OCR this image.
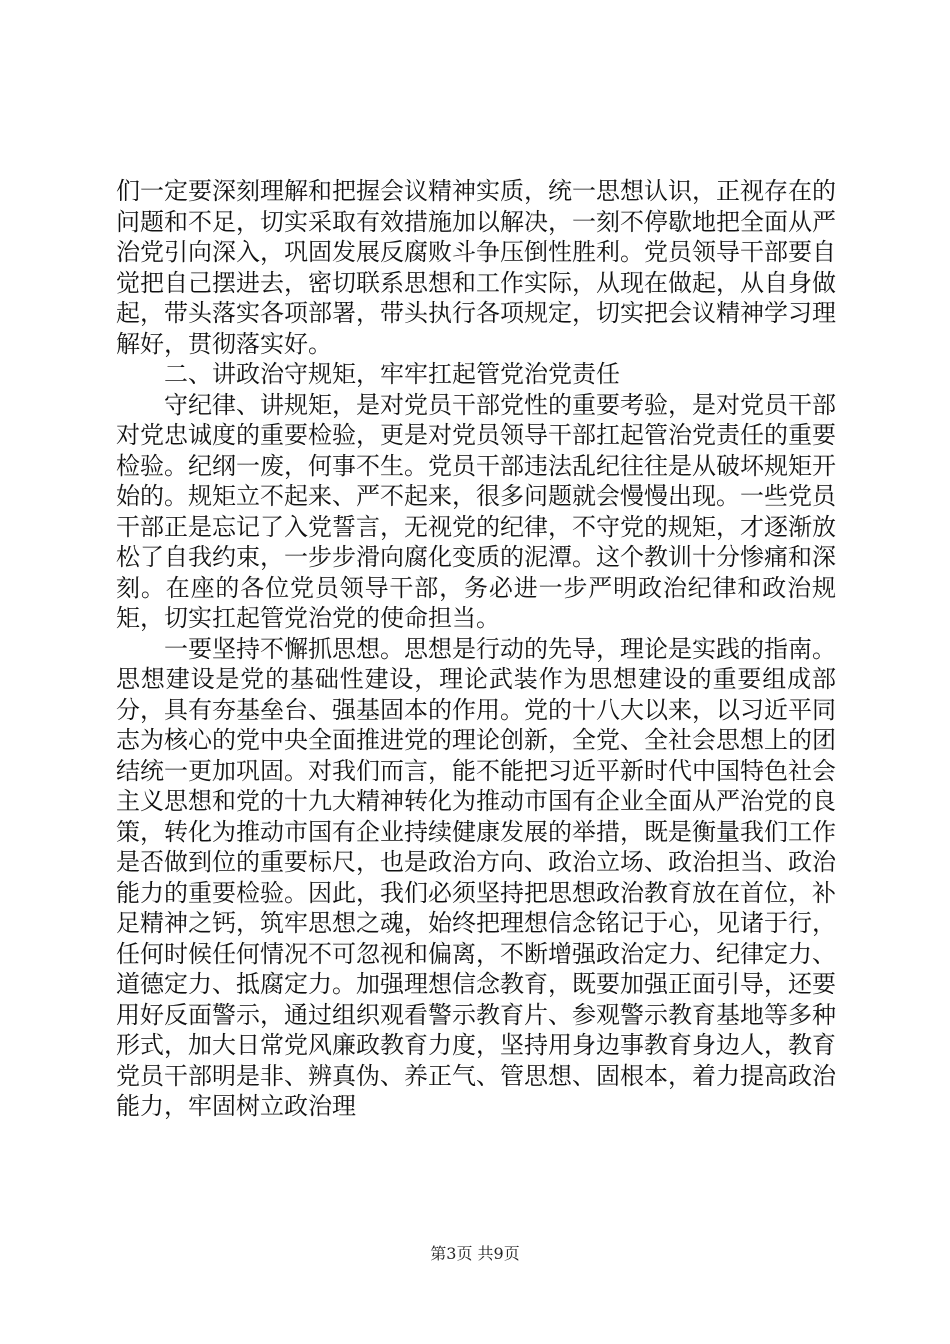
们一定要深刻理解和把握会议精神实质，统一思想认识，正视存在的问题和不足，切实采取有效措施加以解决，一刻不停歇地把全面从严治党引向深入，巩固发展反腐败斗争压倒性胜利。党员领导干部要自觉把自己摆进去，密切联系思想和工作实际，从现在做起，从自身做起，带头落实各项部署，带头执行各项规定，切实把会议精神学习理解好，贯彻落实好。

二、讲政治守规矩，牢牢扛起管党治党责任

守纪律、讲规矩，是对党员干部党性的重要考验，是对党员干部对党忠诚度的重要检验，更是对党员领导干部扛起管治党责任的重要检验。纪纲一废，何事不生。党员干部违法乱纪往往是从破坏规矩开始的。规矩立不起来、严不起来，很多问题就会慢慢出现。一些党员干部正是忘记了入党誓言，无视党的纪律，不守党的规矩，才逐渐放松了自我约束，一步步滑向腐化变质的泥潭。这个教训十分惨痛和深刻。在座的各位党员领导干部，务必进一步严明政治纪律和政治规矩，切实扛起管党治党的使命担当。

一要坚持不懈抓思想。思想是行动的先导，理论是实践的指南。思想建设是党的基础性建设，理论武装作为思想建设的重要组成部分，具有夯基垒台、强基固本的作用。党的十八大以来，以习近平同志为核心的党中央全面推进党的理论创新，全党、全社会思想上的团结统一更加巩固。对我们而言，能不能把习近平新时代中国特色社会主义思想和党的十九大精神转化为推动市国有企业全面从严治党的良策，转化为推动市国有企业持续健康发展的举措，既是衡量我们工作是否做到位的重要标尺，也是政治方向、政治立场、政治担当、政治能力的重要检验。因此，我们必须坚持把思想政治教育放在首位，补足精神之钙，筑牢思想之魂，始终把理想信念铭记于心，见诸于行，任何时候任何情况不可忽视和偏离，不断增强政治定力、纪律定力、道德定力、抵腐定力。加强理想信念教育，既要加强正面引导，还要用好反面警示，通过组织观看警示教育片、参观警示教育基地等多种形式，加大日常党风廉政教育力度，坚持用身边事教育身边人，教育党员干部明是非、辨真伪、养正气、管思想、固根本，着力提高政治能力，牢固树立政治理

第3页 共9页
